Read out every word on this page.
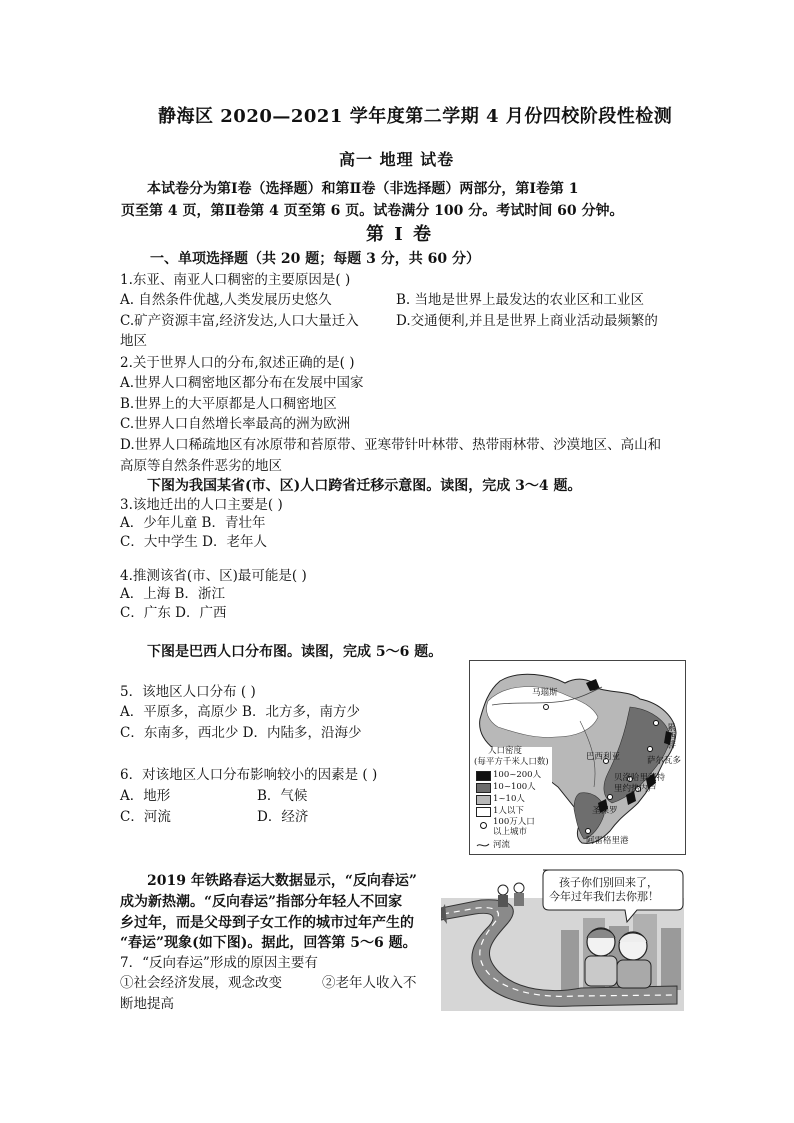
静海区 2020—2021 学年度第二学期 4 月份四校阶段性检测
高一 地理 试卷
本试卷分为第Ⅰ卷（选择题）和第Ⅱ卷（非选择题）两部分，第Ⅰ卷第 1
页至第 4 页，第Ⅱ卷第 4 页至第 6 页。试卷满分 100 分。考试时间 60 分钟。
第 Ⅰ 卷
一、单项选择题（共 20 题；每题 3 分，共 60 分）
1.东亚、南亚人口稠密的主要原因是( )
A. 自然条件优越,人类发展历史悠久	B. 当地是世界上最发达的农业区和工业区
C.矿产资源丰富,经济发达,人口大量迁入	D.交通便利,并且是世界上商业活动最频繁的
地区
2.关于世界人口的分布,叙述正确的是( )
A.世界人口稠密地区都分布在发展中国家
B.世界上的大平原都是人口稠密地区
C.世界人口自然增长率最高的洲为欧洲
D.世界人口稀疏地区有冰原带和苔原带、亚寒带针叶林带、热带雨林带、沙漠地区、高山和
高原等自然条件恶劣的地区
下图为我国某省(市、区)人口跨省迁移示意图。读图，完成 3～4 题。
3.该地迁出的人口主要是( )
A．少年儿童 B．青壮年
C．大中学生 D．老年人
4.推测该省(市、区)最可能是( )
A．上海 B．浙江
C．广东 D．广西
下图是巴西人口分布图。读图，完成 5～6 题。
5．该地区人口分布 ( )
A．平原多，高原少 B．北方多，南方少
C．东南多，西北少 D．内陆多，沿海少
6．对该地区人口分布影响较小的因素是 ( )
A．地形	B．气候
C．河流	D．经济
马瑙斯
累西腓
萨尔瓦多
巴西利亚
贝洛哈里藏特
里约热内卢
圣保罗
阿雷格里港
人口密度
(每平方千米人口数)
100~200人
10~100人
1~10人
1人以下
100万人口
以上城市
河流
2019 年铁路春运大数据显示，“反向春运”
成为新热潮。“反向春运”指部分年轻人不回家
乡过年，而是父母到子女工作的城市过年产生的
“春运”现象(如下图)。据此，回答第 5～6 题。
7．“反向春运”形成的原因主要有
①社会经济发展，观念改变	②老年人收入不
断地提高
孩子你们别回来了，
今年过年我们去你那！
